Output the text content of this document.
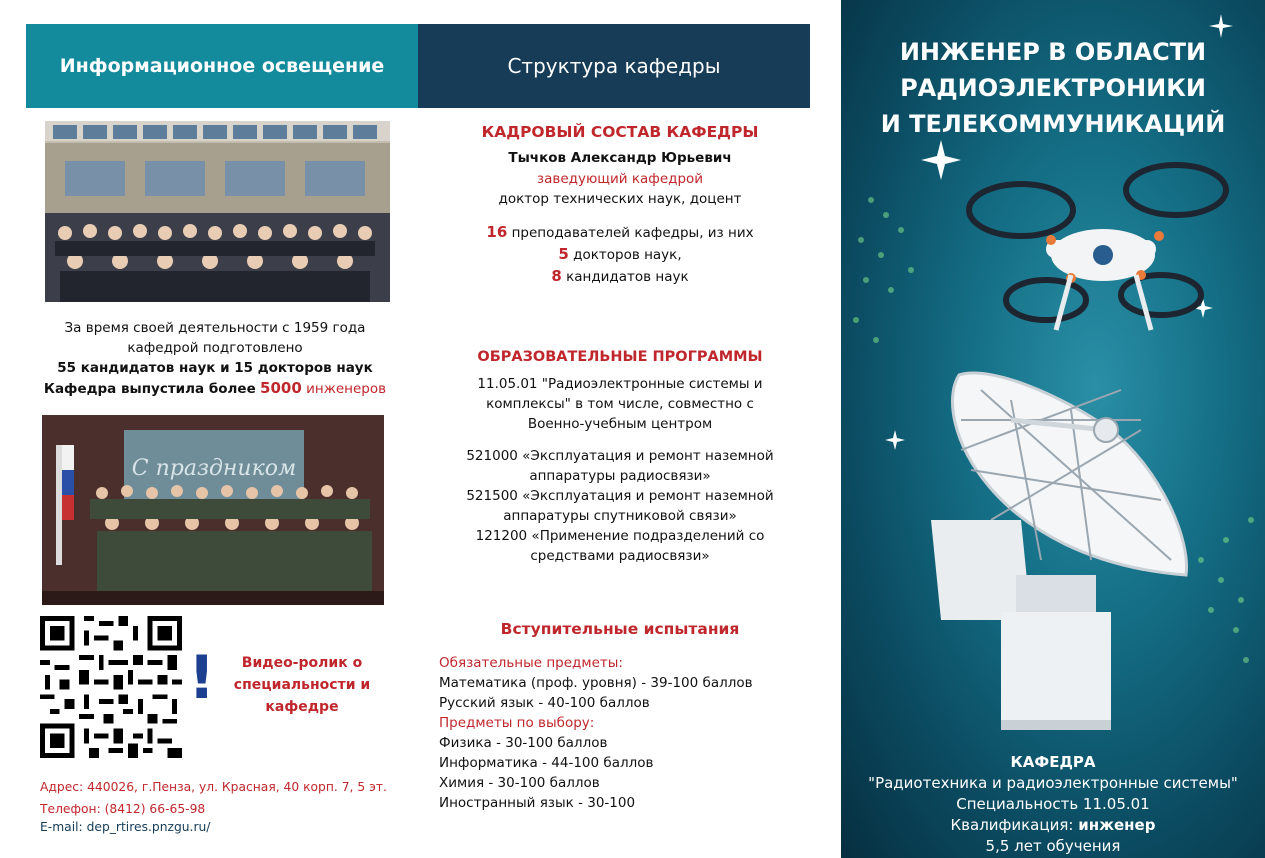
Информационное освещение	Структура кафедры
За время своей деятельности с 1959 года
кафедрой подготовлено
55 кандидатов наук и 15 докторов наук
Кафедра выпустила более 5000 инженеров
С праздником
!	Видео-ролик о специальности и кафедре
Адрес: 440026, г.Пенза, ул. Красная, 40 корп. 7, 5 эт.
Телефон: (8412) 66-65-98
E-mail: dep_rtires.pnzgu.ru/
КАДРОВЫЙ СОСТАВ КАФЕДРЫ
Тычков Александр Юрьевич
заведующий кафедрой
доктор технических наук, доцент
16 преподавателей кафедры, из них
5 докторов наук,
8 кандидатов наук
ОБРАЗОВАТЕЛЬНЫЕ ПРОГРАММЫ
11.05.01 "Радиоэлектронные системы и
комплексы" в том числе, совместно с
Военно-учебным центром
521000 «Эксплуатация и ремонт наземной
аппаратуры радиосвязи»
521500 «Эксплуатация и ремонт наземной
аппаратуры спутниковой связи»
121200 «Применение подразделений со
средствами радиосвязи»
Вступительные испытания
Обязательные предметы:
Математика (проф. уровня) - 39-100 баллов
Русский язык - 40-100 баллов
Предметы по выбору:
Физика - 30-100 баллов
Информатика - 44-100 баллов
Химия - 30-100 баллов
Иностранный язык - 30-100
ИНЖЕНЕР В ОБЛАСТИ
РАДИОЭЛЕКТРОНИКИ
И ТЕЛЕКОММУНИКАЦИЙ
КАФЕДРА
"Радиотехника и радиоэлектронные системы"
Специальность 11.05.01
Квалификация: инженер
5,5 лет обучения
